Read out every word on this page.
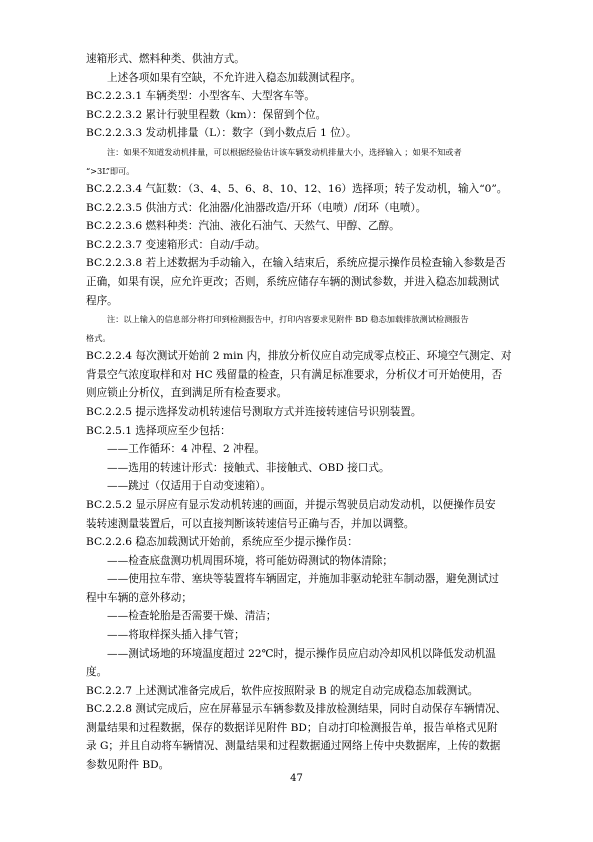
速箱形式、燃料种类、供油方式。
上述各项如果有空缺，不允许进入稳态加载测试程序。
BC.2.2.3.1 车辆类型：小型客车、大型客车等。
BC.2.2.3.2 累计行驶里程数（km）：保留到个位。
BC.2.2.3.3 发动机排量（L）：数字（到小数点后 1 位）。
注：如果不知道发动机排量，可以根据经验估计该车辆发动机排量大小，选择输入 ；如果不知或者
“>3L”即可。
BC.2.2.3.4 气缸数：（3、4、5、6、8、10、12、16）选择项；转子发动机，输入“0”。
BC.2.2.3.5 供油方式：化油器/化油器改造/开环（电喷）/闭环（电喷）。
BC.2.2.3.6 燃料种类：汽油、液化石油气、天然气、甲醇、乙醇。
BC.2.2.3.7 变速箱形式：自动/手动。
BC.2.2.3.8 若上述数据为手动输入，在输入结束后，系统应提示操作员检查输入参数是否
正确，如果有误，应允许更改；否则，系统应储存车辆的测试参数，并进入稳态加载测试
程序。
注：以上输入的信息部分将打印到检测报告中，打印内容要求见附件 BD 稳态加载排放测试检测报告
格式。
BC.2.2.4 每次测试开始前 2 min 内，排放分析仪应自动完成零点校正、环境空气测定、对
背景空气浓度取样和对 HC 残留量的检查，只有满足标准要求，分析仪才可开始使用，否
则应锁止分析仪，直到满足所有检查要求。
BC.2.2.5 提示选择发动机转速信号测取方式并连接转速信号识别装置。
BC.2.5.1 选择项应至少包括：
——工作循环：4 冲程、2 冲程。
——选用的转速计形式：接触式、非接触式、OBD 接口式。
——跳过（仅适用于自动变速箱）。
BC.2.5.2 显示屏应有显示发动机转速的画面，并提示驾驶员启动发动机，以便操作员安
装转速测量装置后，可以直接判断该转速信号正确与否，并加以调整。
BC.2.2.6 稳态加载测试开始前，系统应至少提示操作员：
——检查底盘测功机周围环境，将可能妨碍测试的物体清除；
——使用拉车带、塞块等装置将车辆固定，并施加非驱动轮驻车制动器，避免测试过
程中车辆的意外移动；
——检查轮胎是否需要干燥、清洁；
——将取样探头插入排气管；
——测试场地的环境温度超过 22℃时，提示操作员应启动冷却风机以降低发动机温
度。
BC.2.2.7 上述测试准备完成后，软件应按照附录 B 的规定自动完成稳态加载测试。
BC.2.2.8 测试完成后，应在屏幕显示车辆参数及排放检测结果，同时自动保存车辆情况、
测量结果和过程数据，保存的数据详见附件 BD；自动打印检测报告单，报告单格式见附
录 G；并且自动将车辆情况、测量结果和过程数据通过网络上传中央数据库，上传的数据
参数见附件 BD。
47
